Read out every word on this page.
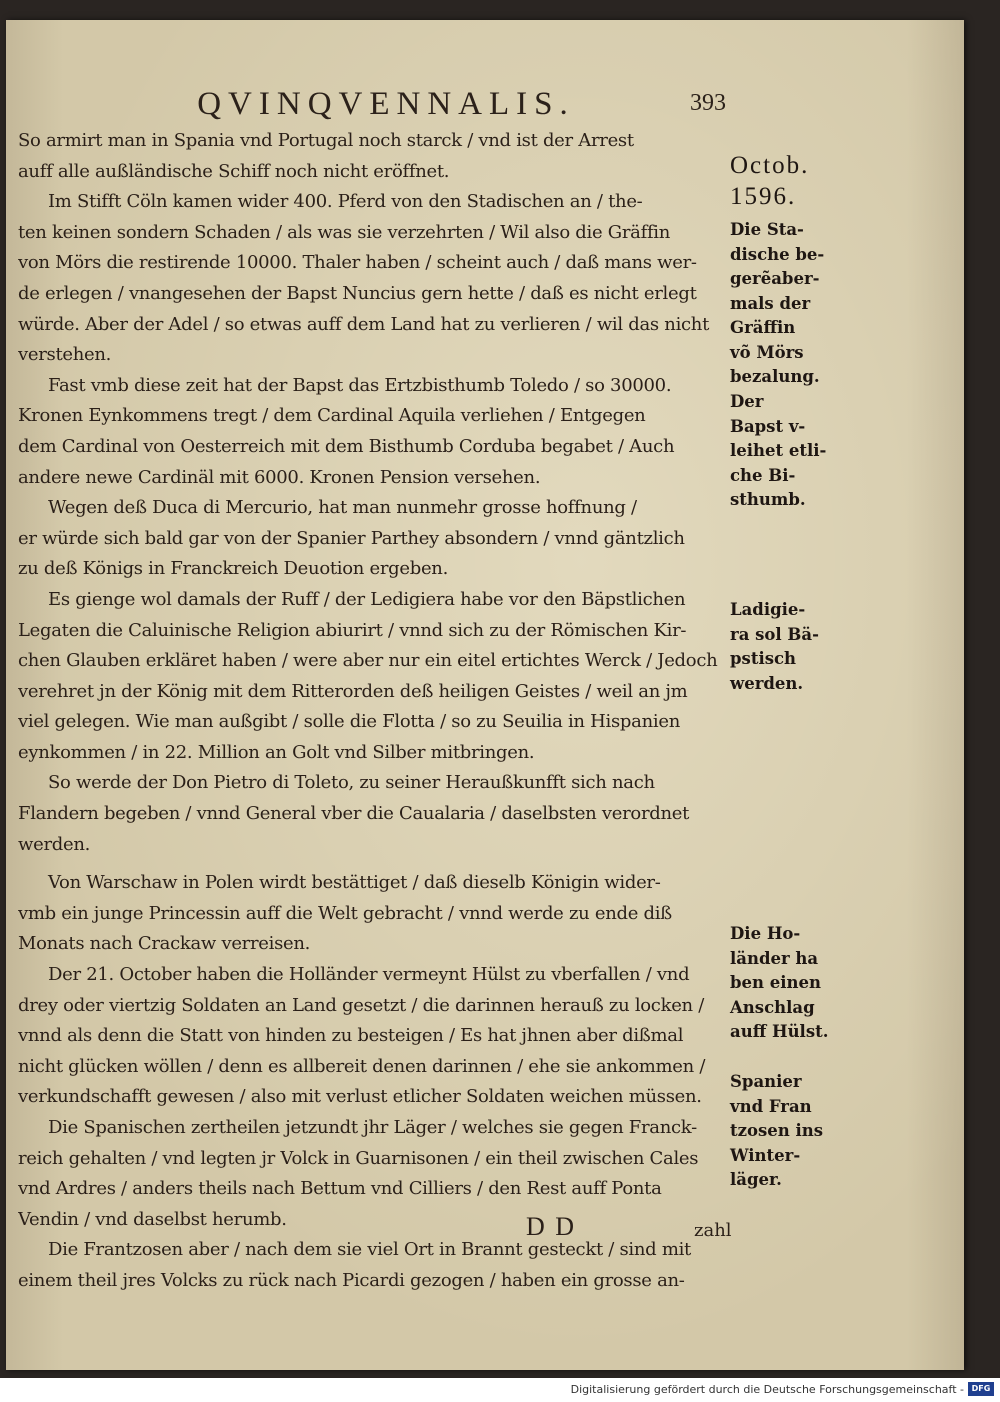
QVINQVENNALIS.	393
So armirt man in Spania vnd Portugal noch starck / vnd ist der Arrest
auff alle außländische Schiff noch nicht eröffnet.
Im Stifft Cöln kamen wider 400. Pferd von den Stadischen an / the-
ten keinen sondern Schaden / als was sie verzehrten / Wil also die Gräffin
von Mörs die restirende 10000. Thaler haben / scheint auch / daß mans wer-
de erlegen / vnangesehen der Bapst Nuncius gern hette / daß es nicht erlegt
würde. Aber der Adel / so etwas auff dem Land hat zu verlieren / wil das nicht
verstehen.
Fast vmb diese zeit hat der Bapst das Ertzbisthumb Toledo / so 30000.
Kronen Eynkommens tregt / dem Cardinal Aquila verliehen / Entgegen
dem Cardinal von Oesterreich mit dem Bisthumb Corduba begabet / Auch
andere newe Cardinäl mit 6000. Kronen Pension versehen.
Wegen deß Duca di Mercurio, hat man nunmehr grosse hoffnung /
er würde sich bald gar von der Spanier Parthey absondern / vnnd gäntzlich
zu deß Königs in Franckreich Deuotion ergeben.
Es gienge wol damals der Ruff / der Ledigiera habe vor den Bäpstlichen
Legaten die Caluinische Religion abiurirt / vnnd sich zu der Römischen Kir-
chen Glauben erkläret haben / were aber nur ein eitel ertichtes Werck / Jedoch
verehret jn der König mit dem Ritterorden deß heiligen Geistes / weil an jm
viel gelegen. Wie man außgibt / solle die Flotta / so zu Seuilia in Hispanien
eynkommen / in 22. Million an Golt vnd Silber mitbringen.
So werde der Don Pietro di Toleto, zu seiner Heraußkunfft sich nach
Flandern begeben / vnnd General vber die Caualaria / daselbsten verordnet
werden.
Von Warschaw in Polen wirdt bestättiget / daß dieselb Königin wider-
vmb ein junge Princessin auff die Welt gebracht / vnnd werde zu ende diß
Monats nach Crackaw verreisen.
Der 21. October haben die Holländer vermeynt Hülst zu vberfallen / vnd
drey oder viertzig Soldaten an Land gesetzt / die darinnen herauß zu locken /
vnnd als denn die Statt von hinden zu besteigen / Es hat jhnen aber dißmal
nicht glücken wöllen / denn es allbereit denen darinnen / ehe sie ankommen /
verkundschafft gewesen / also mit verlust etlicher Soldaten weichen müssen.
Die Spanischen zertheilen jetzundt jhr Läger / welches sie gegen Franck-
reich gehalten / vnd legten jr Volck in Guarnisonen / ein theil zwischen Cales
vnd Ardres / anders theils nach Bettum vnd Cilliers / den Rest auff Ponta
Vendin / vnd daselbst herumb.
Die Frantzosen aber / nach dem sie viel Ort in Brannt gesteckt / sind mit
einem theil jres Volcks zu rück nach Picardi gezogen / haben ein grosse an-
Octob.
1596.
Die Sta-
dische be-
gerẽaber-
mals der
Gräffin
võ Mörs
bezalung.
Der
Bapst v-
leihet etli-
che Bi-
sthumb.
Ladigie-
ra sol Bä-
pstisch
werden.
Die Ho-
länder ha
ben einen
Anschlag
auff Hülst.
Spanier
vnd Fran
tzosen ins
Winter-
läger.
D D	zahl
Digitalisierung gefördert durch die Deutsche Forschungsgemeinschaft - DFG
